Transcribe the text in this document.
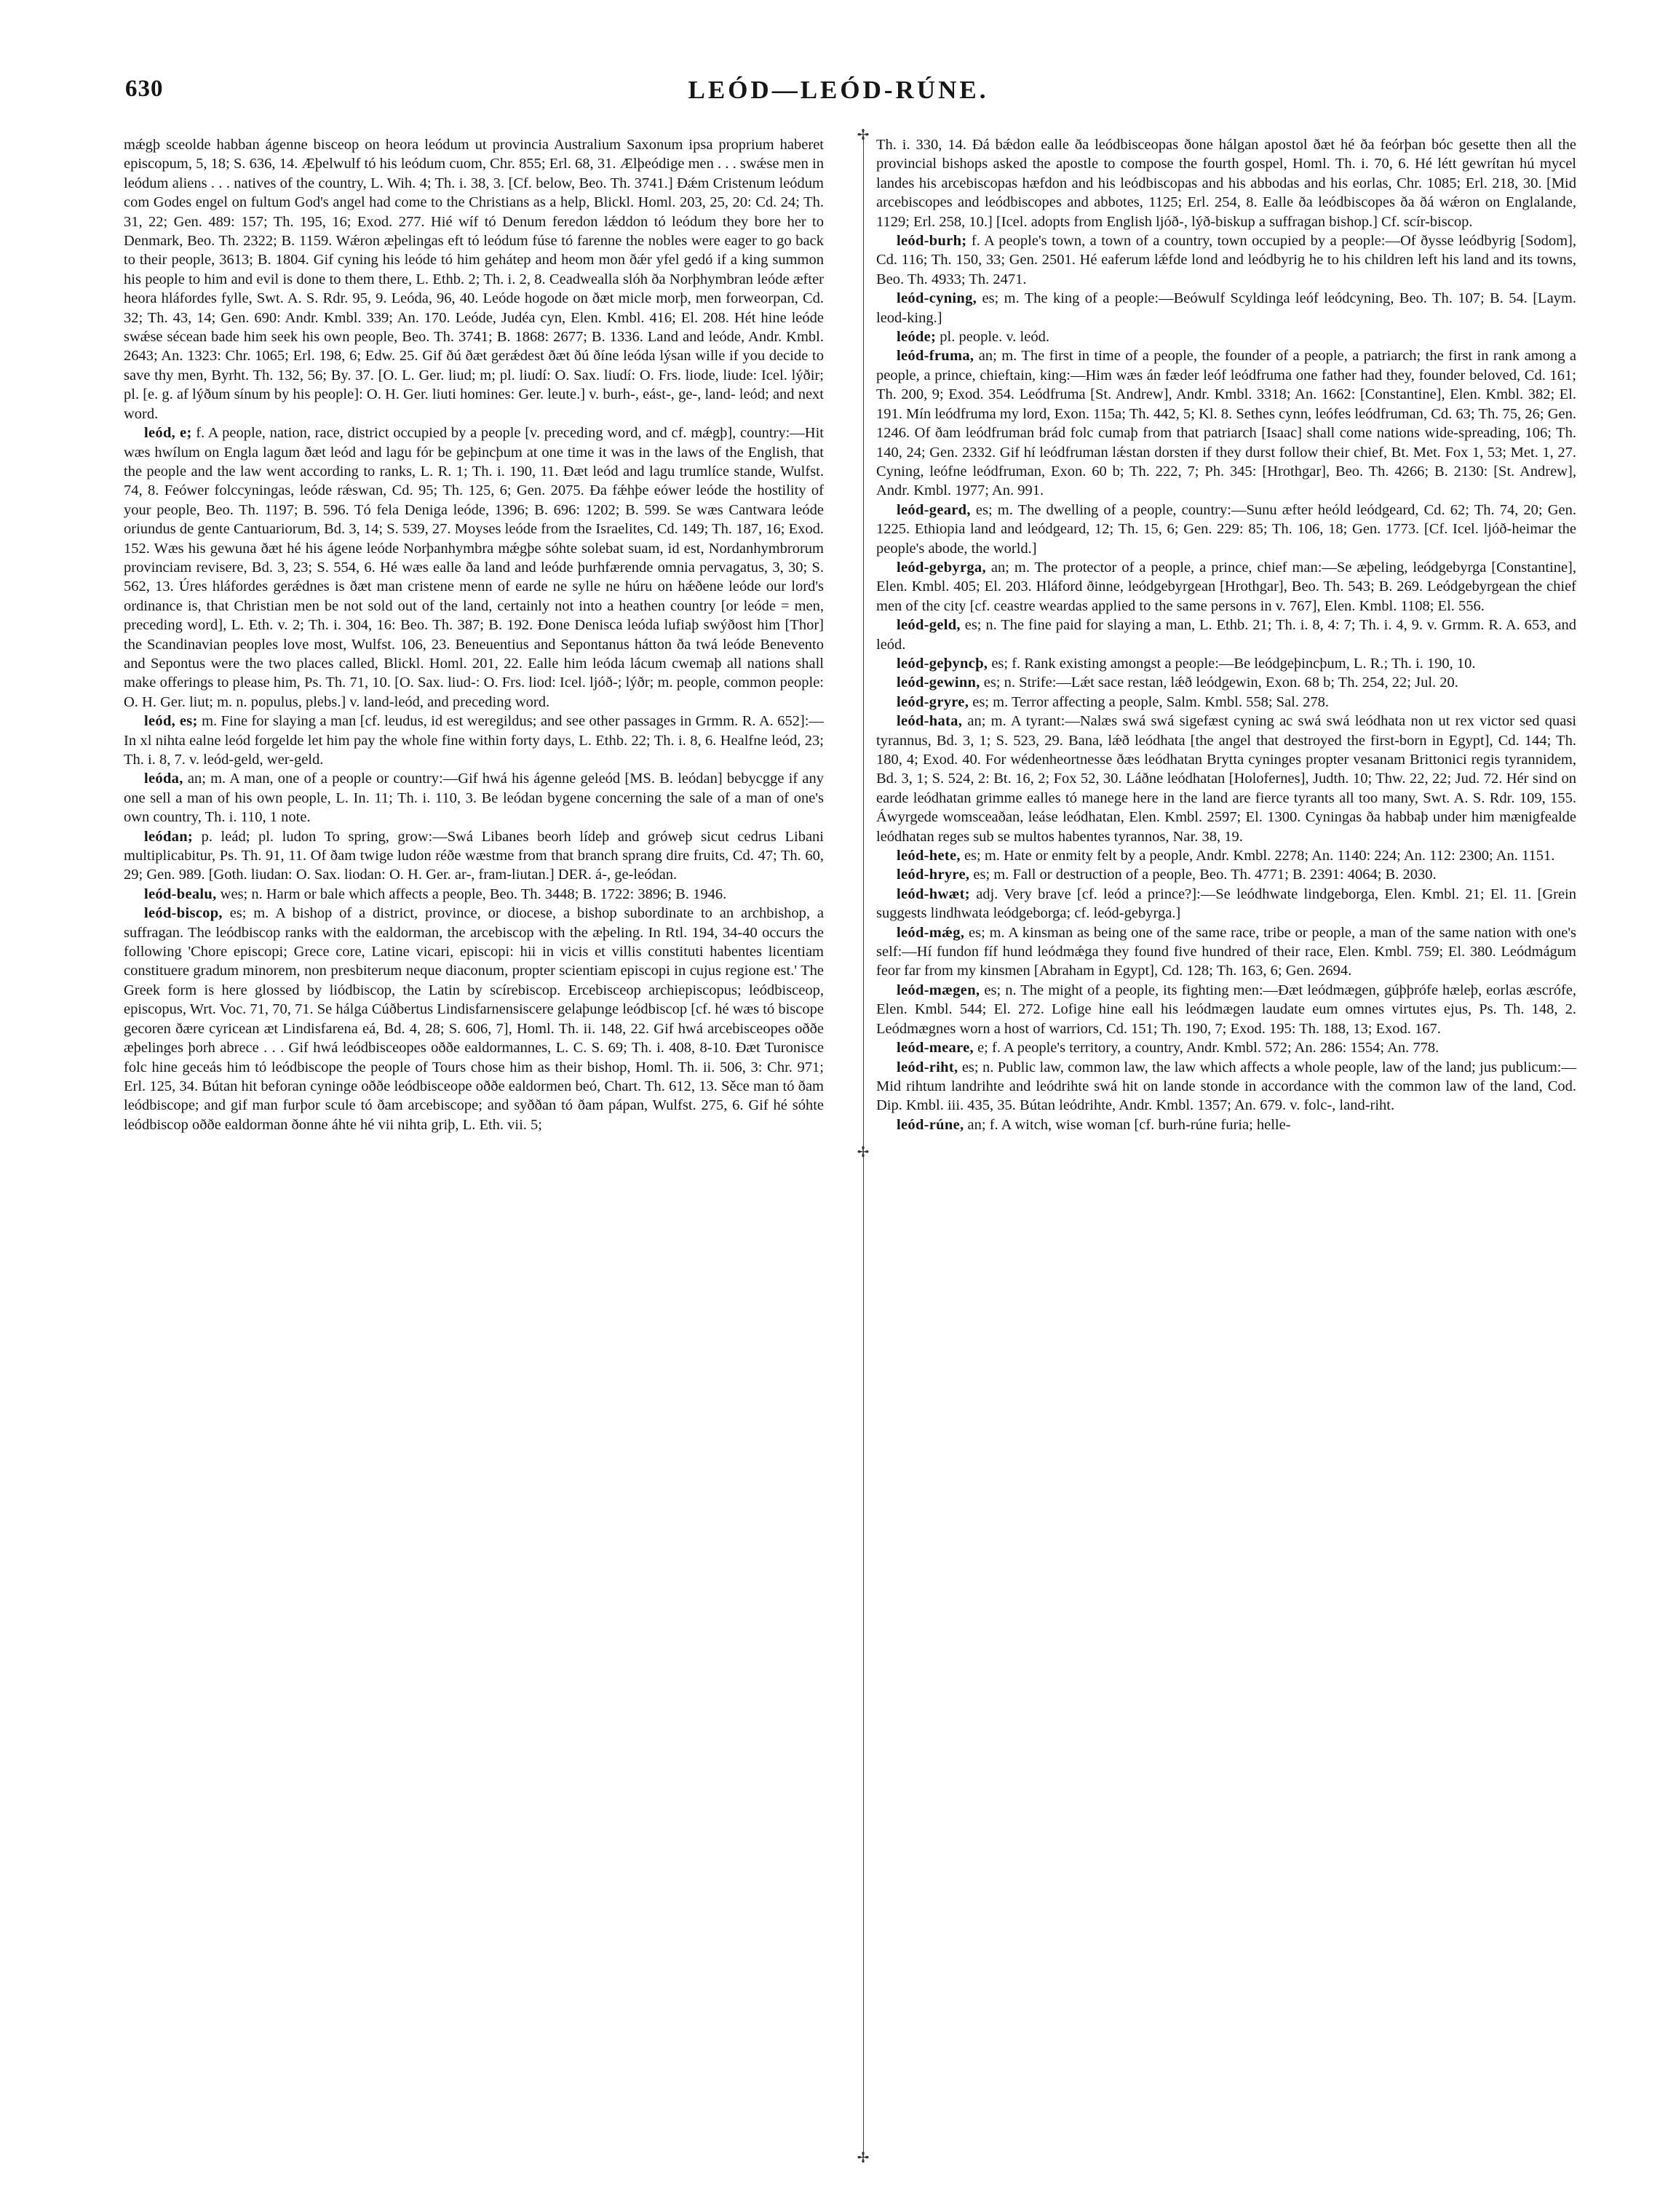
630	LEÓD—LEÓD-RÚNE.
✢
✢
✢

mǽgþ sceolde habban ágenne bisceop on heora leódum ut provincia Australium Saxonum ipsa proprium haberet episcopum, 5, 18; S. 636, 14. Æþelwulf tó his leódum cuom, Chr. 855; Erl. 68, 31. Ælþeódige men . . . swǽse men in leódum aliens . . . natives of the country, L. Wih. 4; Th. i. 38, 3. [Cf. below, Beo. Th. 3741.] Ðǽm Cristenum leódum com Godes engel on fultum God's angel had come to the Christians as a help, Blickl. Homl. 203, 25, 20: Cd. 24; Th. 31, 22; Gen. 489: 157; Th. 195, 16; Exod. 277. Hié wíf tó Denum feredon lǽddon tó leódum they bore her to Denmark, Beo. Th. 2322; B. 1159. Wǽron æþelingas eft tó leódum fúse tó farenne the nobles were eager to go back to their people, 3613; B. 1804. Gif cyning his leóde tó him gehátep and heom mon ðǽr yfel gedó if a king summon his people to him and evil is done to them there, L. Ethb. 2; Th. i. 2, 8. Ceadwealla slóh ða Norþhymbran leóde æfter heora hláfordes fylle, Swt. A. S. Rdr. 95, 9. Leóda, 96, 40. Leóde hogode on ðæt micle morþ, men forweorpan, Cd. 32; Th. 43, 14; Gen. 690: Andr. Kmbl. 339; An. 170. Leóde, Judéa cyn, Elen. Kmbl. 416; El. 208. Hét hine leóde swǽse sécean bade him seek his own people, Beo. Th. 3741; B. 1868: 2677; B. 1336. Land and leóde, Andr. Kmbl. 2643; An. 1323: Chr. 1065; Erl. 198, 6; Edw. 25. Gif ðú ðæt gerǽdest ðæt ðú ðíne leóda lýsan wille if you decide to save thy men, Byrht. Th. 132, 56; By. 37. [O. L. Ger. liud; m; pl. liudí: O. Sax. liudí: O. Frs. liode, liude: Icel. lýðir; pl. [e. g. af lýðum sínum by his people]: O. H. Ger. liuti homines: Ger. leute.] v. burh-, eást-, ge-, land- leód; and next word.

leód, e; f. A people, nation, race, district occupied by a people [v. preceding word, and cf. mǽgþ], country:—Hit wæs hwílum on Engla lagum ðæt leód and lagu fór be geþincþum at one time it was in the laws of the English, that the people and the law went according to ranks, L. R. 1; Th. i. 190, 11. Ðæt leód and lagu trumlíce stande, Wulfst. 74, 8. Feówer folccyningas, leóde rǽswan, Cd. 95; Th. 125, 6; Gen. 2075. Ða fǽhþe eówer leóde the hostility of your people, Beo. Th. 1197; B. 596. Tó fela Deniga leóde, 1396; B. 696: 1202; B. 599. Se wæs Cantwara leóde oriundus de gente Cantuariorum, Bd. 3, 14; S. 539, 27. Moyses leóde from the Israelites, Cd. 149; Th. 187, 16; Exod. 152. Wæs his gewuna ðæt hé his ágene leóde Norþanhymbra mǽgþe sóhte solebat suam, id est, Nordanhymbrorum provinciam revisere, Bd. 3, 23; S. 554, 6. Hé wæs ealle ða land and leóde þurhfærende omnia pervagatus, 3, 30; S. 562, 13. Úres hláfordes gerǽdnes is ðæt man cristene menn of earde ne sylle ne húru on hǽðene leóde our lord's ordinance is, that Christian men be not sold out of the land, certainly not into a heathen country [or leóde = men, preceding word], L. Eth. v. 2; Th. i. 304, 16: Beo. Th. 387; B. 192. Ðone Denisca leóda lufiaþ swýðost him [Thor] the Scandinavian peoples love most, Wulfst. 106, 23. Beneuentius and Sepontanus hátton ða twá leóde Benevento and Sepontus were the two places called, Blickl. Homl. 201, 22. Ealle him leóda lácum cwemaþ all nations shall make offerings to please him, Ps. Th. 71, 10. [O. Sax. liud-: O. Frs. liod: Icel. ljóð-; lýðr; m. people, common people: O. H. Ger. liut; m. n. populus, plebs.] v. land-leód, and preceding word.

leód, es; m. Fine for slaying a man [cf. leudus, id est weregildus; and see other passages in Grmm. R. A. 652]:—In xl nihta ealne leód forgelde let him pay the whole fine within forty days, L. Ethb. 22; Th. i. 8, 6. Healfne leód, 23; Th. i. 8, 7. v. leód-geld, wer-geld.

leóda, an; m. A man, one of a people or country:—Gif hwá his ágenne geleód [MS. B. leódan] bebycgge if any one sell a man of his own people, L. In. 11; Th. i. 110, 3. Be leódan bygene concerning the sale of a man of one's own country, Th. i. 110, 1 note.

leódan; p. leád; pl. ludon To spring, grow:—Swá Libanes beorh lídeþ and gróweþ sicut cedrus Libani multiplicabitur, Ps. Th. 91, 11. Of ðam twige ludon réðe wæstme from that branch sprang dire fruits, Cd. 47; Th. 60, 29; Gen. 989. [Goth. liudan: O. Sax. liodan: O. H. Ger. ar-, fram-liutan.] DER. á-, ge-leódan.

leód-bealu, wes; n. Harm or bale which affects a people, Beo. Th. 3448; B. 1722: 3896; B. 1946.

leód-biscop, es; m. A bishop of a district, province, or diocese, a bishop subordinate to an archbishop, a suffragan. The leódbiscop ranks with the ealdorman, the arcebiscop with the æþeling. In Rtl. 194, 34-40 occurs the following 'Chore episcopi; Grece core, Latine vicari, episcopi: hii in vicis et villis constituti habentes licentiam constituere gradum minorem, non presbiterum neque diaconum, propter scientiam episcopi in cujus regione est.' The Greek form is here glossed by liódbiscop, the Latin by scírebiscop. Ercebisceop archiepiscopus; leódbisceop, episcopus, Wrt. Voc. 71, 70, 71. Se hálga Cúðbertus Lindisfarnensiscere gelaþunge leódbiscop [cf. hé wæs tó biscope gecoren ðære cyricean æt Lindisfarena eá, Bd. 4, 28; S. 606, 7], Homl. Th. ii. 148, 22. Gif hwá arcebisceopes oððe æþelinges þorh abrece . . . Gif hwá leódbisceopes oððe ealdormannes, L. C. S. 69; Th. i. 408, 8-10. Ðæt Turonisce folc hine geceás him tó leódbiscope the people of Tours chose him as their bishop, Homl. Th. ii. 506, 3: Chr. 971; Erl. 125, 34. Bútan hit beforan cyninge oððe leódbisceope oððe ealdormen beó, Chart. Th. 612, 13. Sěce man tó ðam leódbiscope; and gif man furþor scule tó ðam arcebiscope; and syððan tó ðam pápan, Wulfst. 275, 6. Gif hé sóhte leódbiscop oððe ealdorman ðonne áhte hé vii nihta griþ, L. Eth. vii. 5;

Th. i. 330, 14. Ðá bǽdon ealle ða leódbisceopas ðone hálgan apostol ðæt hé ða feórþan bóc gesette then all the provincial bishops asked the apostle to compose the fourth gospel, Homl. Th. i. 70, 6. Hé létt gewrítan hú mycel landes his arcebiscopas hæfdon and his leódbiscopas and his abbodas and his eorlas, Chr. 1085; Erl. 218, 30. [Mid arcebiscopes and leódbiscopes and abbotes, 1125; Erl. 254, 8. Ealle ða leódbiscopes ða ðá wǽron on Englalande, 1129; Erl. 258, 10.] [Icel. adopts from English ljóð-, lýð-biskup a suffragan bishop.] Cf. scír-biscop.

leód-burh; f. A people's town, a town of a country, town occupied by a people:—Of ðysse leódbyrig [Sodom], Cd. 116; Th. 150, 33; Gen. 2501. Hé eaferum lǽfde lond and leódbyrig he to his children left his land and its towns, Beo. Th. 4933; Th. 2471.

leód-cyning, es; m. The king of a people:—Beówulf Scyldinga leóf leódcyning, Beo. Th. 107; B. 54. [Laym. leod-king.]

leóde; pl. people. v. leód.

leód-fruma, an; m. The first in time of a people, the founder of a people, a patriarch; the first in rank among a people, a prince, chieftain, king:—Him wæs án fæder leóf leódfruma one father had they, founder beloved, Cd. 161; Th. 200, 9; Exod. 354. Leódfruma [St. Andrew], Andr. Kmbl. 3318; An. 1662: [Constantine], Elen. Kmbl. 382; El. 191. Mín leódfruma my lord, Exon. 115a; Th. 442, 5; Kl. 8. Sethes cynn, leófes leódfruman, Cd. 63; Th. 75, 26; Gen. 1246. Of ðam leódfruman brád folc cumaþ from that patriarch [Isaac] shall come nations wide-spreading, 106; Th. 140, 24; Gen. 2332. Gif hí leódfruman lǽstan dorsten if they durst follow their chief, Bt. Met. Fox 1, 53; Met. 1, 27. Cyning, leófne leódfruman, Exon. 60 b; Th. 222, 7; Ph. 345: [Hrothgar], Beo. Th. 4266; B. 2130: [St. Andrew], Andr. Kmbl. 1977; An. 991.

leód-geard, es; m. The dwelling of a people, country:—Sunu æfter heóld leódgeard, Cd. 62; Th. 74, 20; Gen. 1225. Ethiopia land and leódgeard, 12; Th. 15, 6; Gen. 229: 85; Th. 106, 18; Gen. 1773. [Cf. Icel. ljóð-heimar the people's abode, the world.]

leód-gebyrga, an; m. The protector of a people, a prince, chief man:—Se æþeling, leódgebyrga [Constantine], Elen. Kmbl. 405; El. 203. Hláford ðinne, leódgebyrgean [Hrothgar], Beo. Th. 543; B. 269. Leódgebyrgean the chief men of the city [cf. ceastre weardas applied to the same persons in v. 767], Elen. Kmbl. 1108; El. 556.

leód-geld, es; n. The fine paid for slaying a man, L. Ethb. 21; Th. i. 8, 4: 7; Th. i. 4, 9. v. Grmm. R. A. 653, and leód.

leód-geþyncþ, es; f. Rank existing amongst a people:—Be leódgeþincþum, L. R.; Th. i. 190, 10.

leód-gewinn, es; n. Strife:—Lǽt sace restan, lǽð leódgewin, Exon. 68 b; Th. 254, 22; Jul. 20.

leód-gryre, es; m. Terror affecting a people, Salm. Kmbl. 558; Sal. 278.

leód-hata, an; m. A tyrant:—Nalæs swá swá sigefæst cyning ac swá swá leódhata non ut rex victor sed quasi tyrannus, Bd. 3, 1; S. 523, 29. Bana, lǽð leódhata [the angel that destroyed the first-born in Egypt], Cd. 144; Th. 180, 4; Exod. 40. For wédenheortnesse ðæs leódhatan Brytta cyninges propter vesanam Brittonici regis tyrannidem, Bd. 3, 1; S. 524, 2: Bt. 16, 2; Fox 52, 30. Láðne leódhatan [Holofernes], Judth. 10; Thw. 22, 22; Jud. 72. Hér sind on earde leódhatan grimme ealles tó manege here in the land are fierce tyrants all too many, Swt. A. S. Rdr. 109, 155. Áwyrgede womsceaðan, leáse leódhatan, Elen. Kmbl. 2597; El. 1300. Cyningas ða habbaþ under him mænigfealde leódhatan reges sub se multos habentes tyrannos, Nar. 38, 19.

leód-hete, es; m. Hate or enmity felt by a people, Andr. Kmbl. 2278; An. 1140: 224; An. 112: 2300; An. 1151.

leód-hryre, es; m. Fall or destruction of a people, Beo. Th. 4771; B. 2391: 4064; B. 2030.

leód-hwæt; adj. Very brave [cf. leód a prince?]:—Se leódhwate lindgeborga, Elen. Kmbl. 21; El. 11. [Grein suggests lindhwata leódgeborga; cf. leód-gebyrga.]

leód-mǽg, es; m. A kinsman as being one of the same race, tribe or people, a man of the same nation with one's self:—Hí fundon fíf hund leódmǽga they found five hundred of their race, Elen. Kmbl. 759; El. 380. Leódmágum feor far from my kinsmen [Abraham in Egypt], Cd. 128; Th. 163, 6; Gen. 2694.

leód-mægen, es; n. The might of a people, its fighting men:—Ðæt leódmægen, gúþþrófe hæleþ, eorlas æscrófe, Elen. Kmbl. 544; El. 272. Lofige hine eall his leódmægen laudate eum omnes virtutes ejus, Ps. Th. 148, 2. Leódmægnes worn a host of warriors, Cd. 151; Th. 190, 7; Exod. 195: Th. 188, 13; Exod. 167.

leód-meare, e; f. A people's territory, a country, Andr. Kmbl. 572; An. 286: 1554; An. 778.

leód-riht, es; n. Public law, common law, the law which affects a whole people, law of the land; jus publicum:—Mid rihtum landrihte and leódrihte swá hit on lande stonde in accordance with the common law of the land, Cod. Dip. Kmbl. iii. 435, 35. Bútan leódrihte, Andr. Kmbl. 1357; An. 679. v. folc-, land-riht.

leód-rúne, an; f. A witch, wise woman [cf. burh-rúne furia; helle-
